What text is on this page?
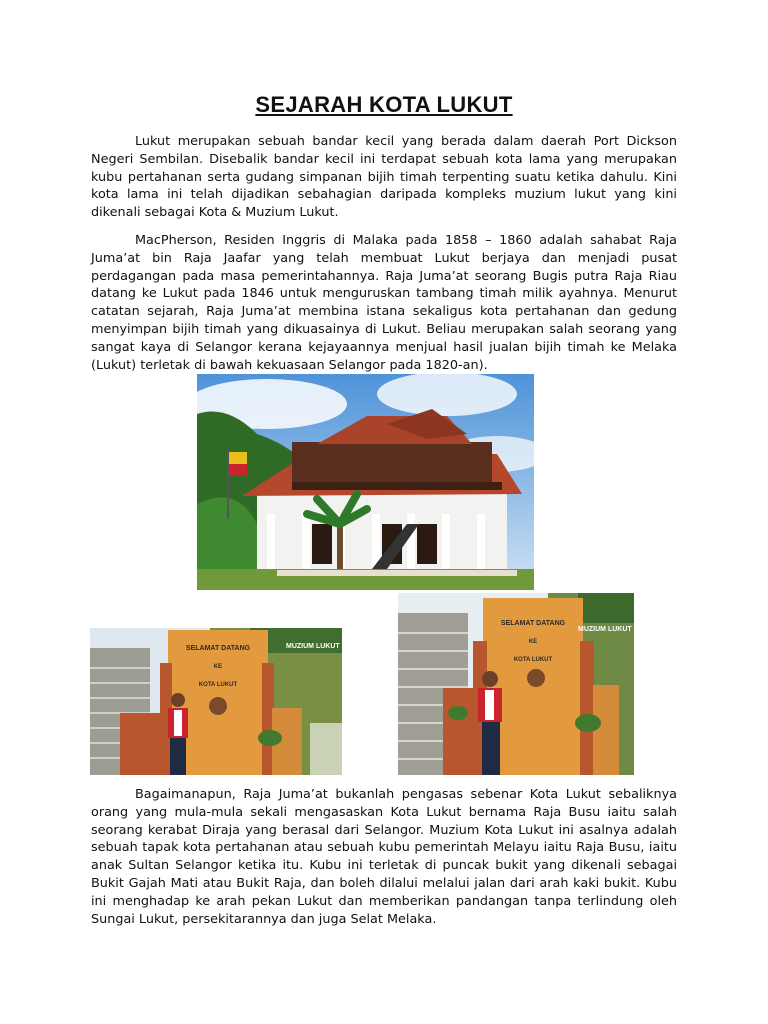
SEJARAH KOTA LUKUT

Lukut merupakan sebuah bandar kecil yang berada dalam daerah Port Dickson Negeri Sembilan. Disebalik bandar kecil ini terdapat sebuah kota lama yang merupakan kubu pertahanan serta gudang simpanan bijih timah terpenting suatu ketika dahulu. Kini kota lama ini telah dijadikan sebahagian daripada kompleks muzium lukut yang kini dikenali sebagai Kota & Muzium Lukut.

MacPherson, Residen Inggris di Malaka pada 1858 – 1860 adalah sahabat Raja Juma’at bin Raja Jaafar yang telah membuat Lukut berjaya dan menjadi pusat perdagangan pada masa pemerintahannya. Raja Juma’at seorang Bugis putra Raja Riau datang ke Lukut pada 1846 untuk menguruskan tambang timah milik ayahnya. Menurut catatan sejarah, Raja Juma’at membina istana sekaligus kota pertahanan dan gedung menyimpan bijih timah yang dikuasainya di Lukut. Beliau merupakan salah seorang yang sangat kaya di Selangor kerana kejayaannya menjual hasil jualan bijih timah ke Melaka (Lukut) terletak di bawah kekuasaan Selangor pada 1820-an).

SELAMAT DATANG
KE
KOTA LUKUT
MUZIUM LUKUT
SELAMAT DATANG
KE
KOTA LUKUT
MUZIUM LUKUT

Bagaimanapun, Raja Juma’at bukanlah pengasas sebenar Kota Lukut sebaliknya orang yang mula-mula sekali mengasaskan Kota Lukut bernama Raja Busu iaitu salah seorang kerabat Diraja yang berasal dari Selangor. Muzium Kota Lukut ini asalnya adalah sebuah tapak kota pertahanan atau sebuah kubu pemerintah Melayu iaitu Raja Busu, iaitu anak Sultan Selangor ketika itu. Kubu ini terletak di puncak bukit yang dikenali sebagai Bukit Gajah Mati atau Bukit Raja, dan boleh dilalui melalui jalan dari arah kaki bukit. Kubu ini menghadap ke arah pekan Lukut dan memberikan pandangan tanpa terlindung oleh Sungai Lukut, persekitarannya dan juga Selat Melaka.
